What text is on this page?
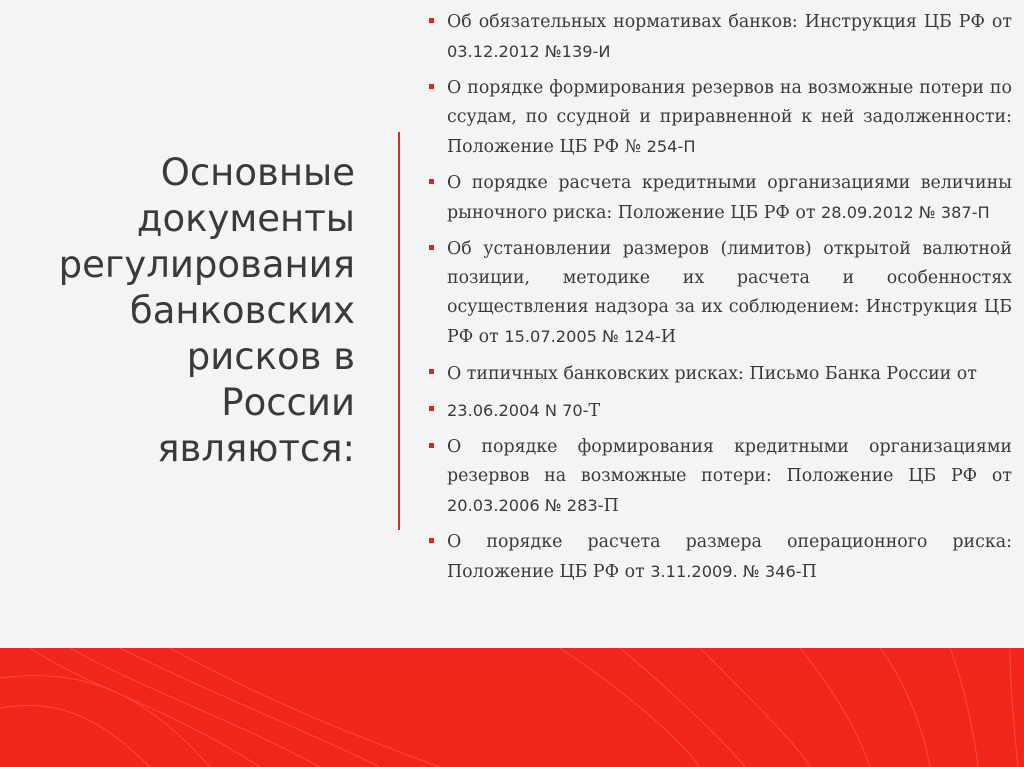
Основные
документы
регулирования
банковских
рисков в
России
являются:
Об обязательных нормативах банков: Инструкция ЦБ РФ от 03.12.2012 №139-И
О порядке формирования резервов на возможные потери по ссудам, по ссудной и приравненной к ней задолженности: Положение ЦБ РФ № 254-П
О порядке расчета кредитными организациями величины рыночного риска: Положение ЦБ РФ от 28.09.2012 № 387-П
Об установлении размеров (лимитов) открытой валютной позиции, методике их расчета и особенностях осуществления надзора за их соблюдением: Инструкция ЦБ РФ от 15.07.2005 № 124-И
О типичных банковских рисках: Письмо Банка России от
23.06.2004 N 70-Т
О порядке формирования кредитными организациями резервов на возможные потери: Положение ЦБ РФ от 20.03.2006 № 283-П
О порядке расчета размера операционного риска: Положение ЦБ РФ от 3.11.2009. № 346-П
